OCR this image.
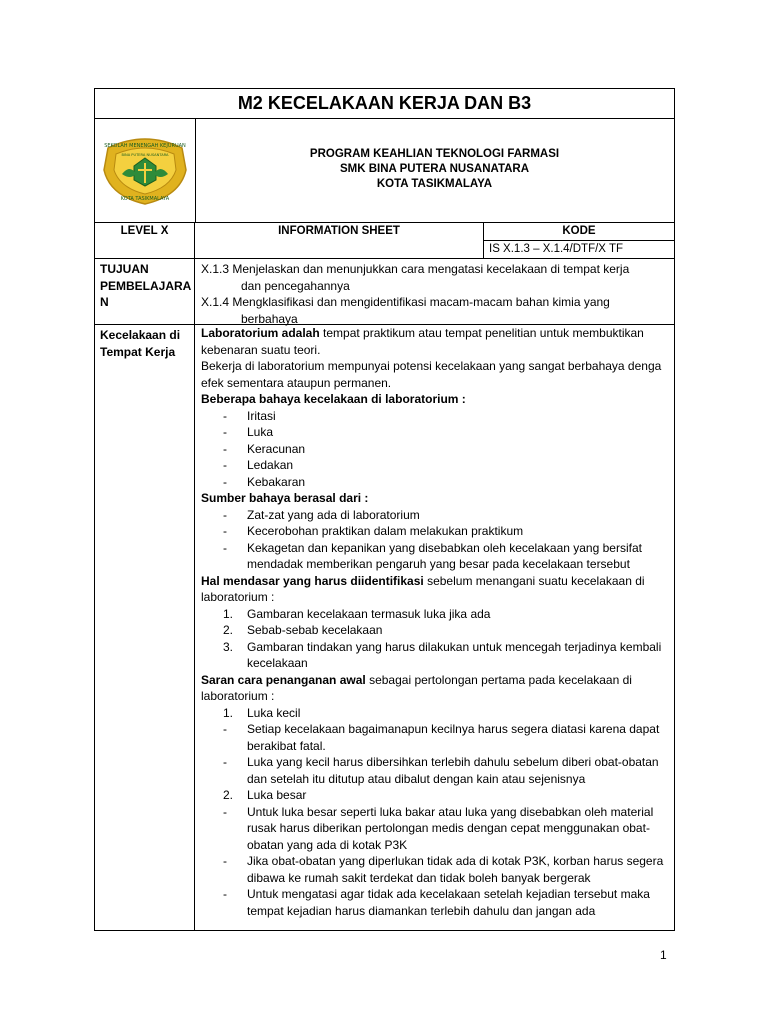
M2 KECELAKAAN KERJA DAN B3
SEKOLAH MENENGAH KEJURUAN
BINA PUTERA NUSANTARA
KOTA TASIKMALAYA
PROGRAM KEAHLIAN TEKNOLOGI FARMASI
SMK BINA PUTERA NUSANATARA
KOTA TASIKMALAYA
LEVEL X	INFORMATION SHEET	KODE
IS X.1.3 – X.1.4/DTF/X TF
TUJUAN PEMBELAJARA N
X.1.3 Menjelaskan dan menunjukkan cara mengatasi kecelakaan di tempat kerja
dan pencegahannya
X.1.4 Mengklasifikasi dan mengidentifikasi macam-macam bahan kimia yang
berbahaya
Kecelakaan di Tempat Kerja
Laboratorium adalah tempat praktikum atau tempat penelitian untuk membuktikan kebenaran suatu teori.
Bekerja di laboratorium mempunyai potensi kecelakaan yang sangat berbahaya denga efek sementara ataupun permanen.
Beberapa bahaya kecelakaan di laboratorium :
- Iritasi
- Luka
- Keracunan
- Ledakan
- Kebakaran
Sumber bahaya berasal dari :
- Zat-zat yang ada di laboratorium
- Kecerobohan praktikan dalam melakukan praktikum
- Kekagetan dan kepanikan yang disebabkan oleh kecelakaan yang bersifat mendadak memberikan pengaruh yang besar pada kecelakaan tersebut
Hal mendasar yang harus diidentifikasi sebelum menangani suatu kecelakaan di laboratorium :
1. Gambaran kecelakaan termasuk luka jika ada
2. Sebab-sebab kecelakaan
3. Gambaran tindakan yang harus dilakukan untuk mencegah terjadinya kembali kecelakaan
Saran cara penanganan awal sebagai pertolongan pertama pada kecelakaan di laboratorium :
1. Luka kecil
- Setiap kecelakaan bagaimanapun kecilnya harus segera diatasi karena dapat berakibat fatal.
- Luka yang kecil harus dibersihkan terlebih dahulu sebelum diberi obat-obatan dan setelah itu ditutup atau dibalut dengan kain atau sejenisnya
2. Luka besar
- Untuk luka besar seperti luka bakar atau luka yang disebabkan oleh material rusak harus diberikan pertolongan medis dengan cepat menggunakan obat-obatan yang ada di kotak P3K
- Jika obat-obatan yang diperlukan tidak ada di kotak P3K, korban harus segera dibawa ke rumah sakit terdekat dan tidak boleh banyak bergerak
- Untuk mengatasi agar tidak ada kecelakaan setelah kejadian tersebut maka tempat kejadian harus diamankan terlebih dahulu dan jangan ada
1
